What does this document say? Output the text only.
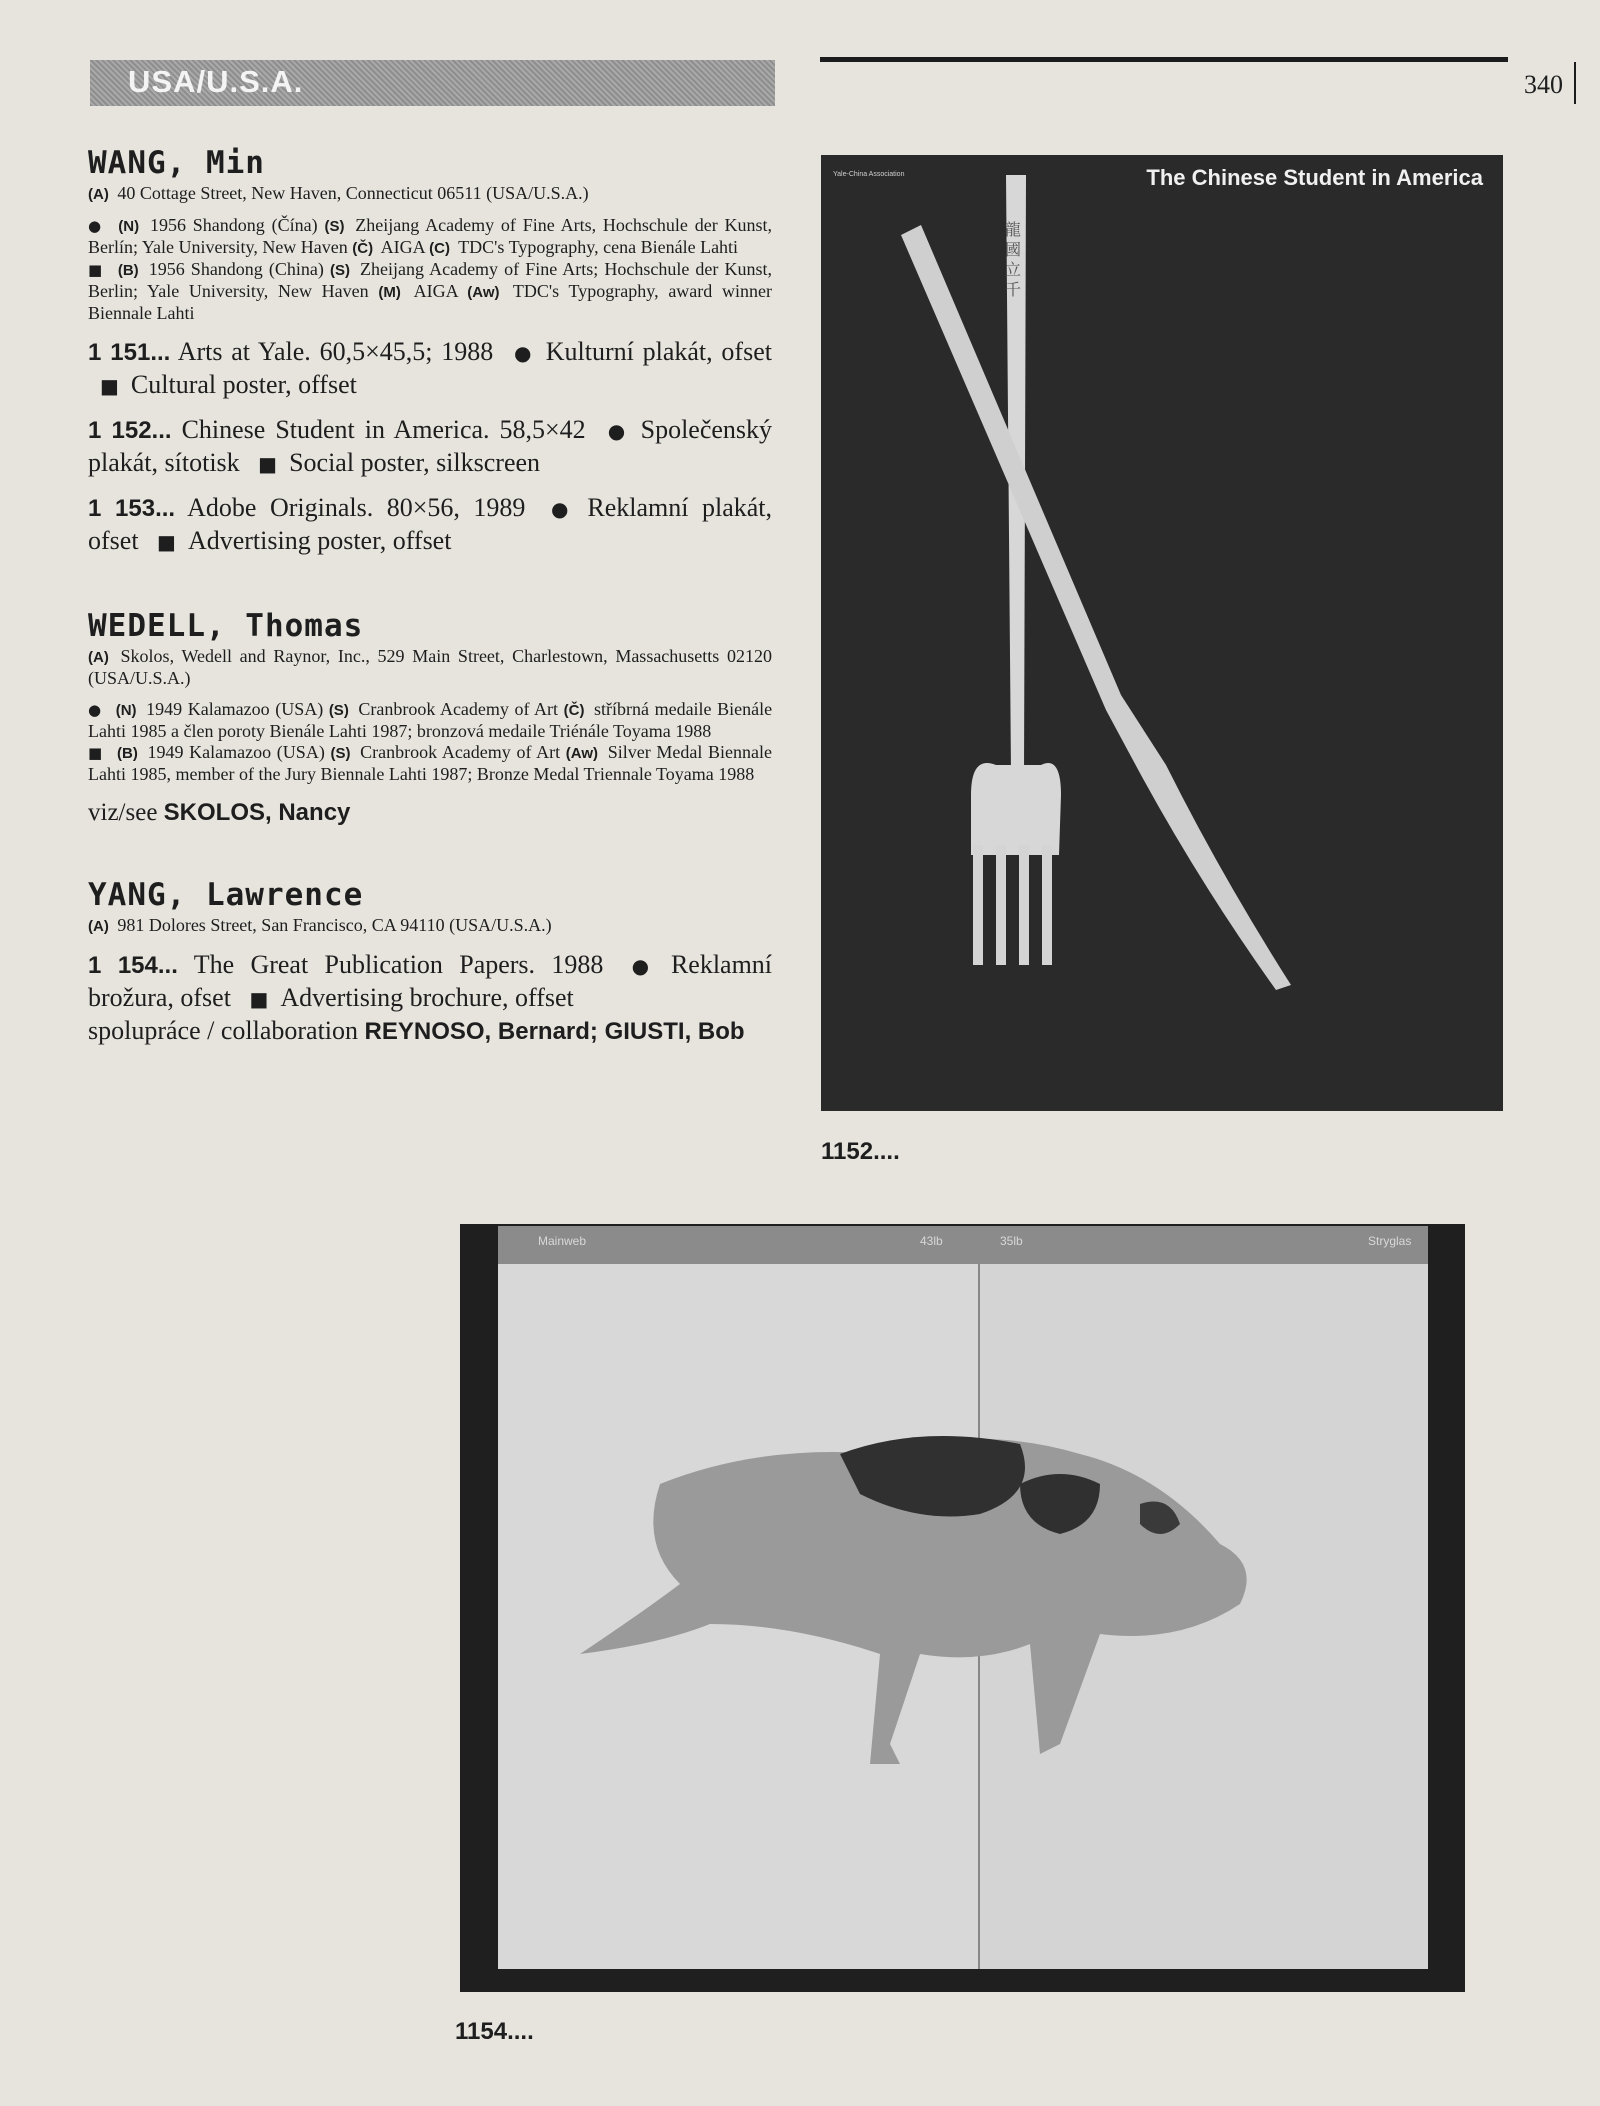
USA/U.S.A.	340
WANG, Min
(A) 40 Cottage Street, New Haven, Connecticut 06511 (USA/U.S.A.)
● (N) 1956 Shandong (Čína) (S) Zheijang Academy of Fine Arts, Hochschule der Kunst, Berlín; Yale University, New Haven (Č) AIGA (C) TDC's Typography, cena Bienále Lahti
■ (B) 1956 Shandong (China) (S) Zheijang Academy of Fine Arts; Hochschule der Kunst, Berlin; Yale University, New Haven (M) AIGA (Aw) TDC's Typography, award winner Biennale Lahti
1 151... Arts at Yale. 60,5×45,5; 1988 ● Kulturní plakát, ofset ■ Cultural poster, offset
1 152... Chinese Student in America. 58,5×42 ● Společenský plakát, sítotisk ■ Social poster, silkscreen
1 153... Adobe Originals. 80×56, 1989 ● Reklamní plakát, ofset ■ Advertising poster, offset
WEDELL, Thomas
(A) Skolos, Wedell and Raynor, Inc., 529 Main Street, Charlestown, Massachusetts 02120 (USA/U.S.A.)
● (N) 1949 Kalamazoo (USA) (S) Cranbrook Academy of Art (Č) stříbrná medaile Bienále Lahti 1985 a člen poroty Bienále Lahti 1987; bronzová medaile Triénále Toyama 1988
■ (B) 1949 Kalamazoo (USA) (S) Cranbrook Academy of Art (Aw) Silver Medal Biennale Lahti 1985, member of the Jury Biennale Lahti 1987; Bronze Medal Triennale Toyama 1988
viz/see SKOLOS, Nancy
YANG, Lawrence
(A) 981 Dolores Street, San Francisco, CA 94110 (USA/U.S.A.)
1 154... The Great Publication Papers. 1988 ● Reklamní brožura, ofset ■ Advertising brochure, offset
spolupráce / collaboration REYNOSO, Bernard; GIUSTI, Bob
Yale-China Association	The Chinese Student in America
龍
國
立
千
1152....
Mainweb	43lb	35lb	Stryglas
1154....
